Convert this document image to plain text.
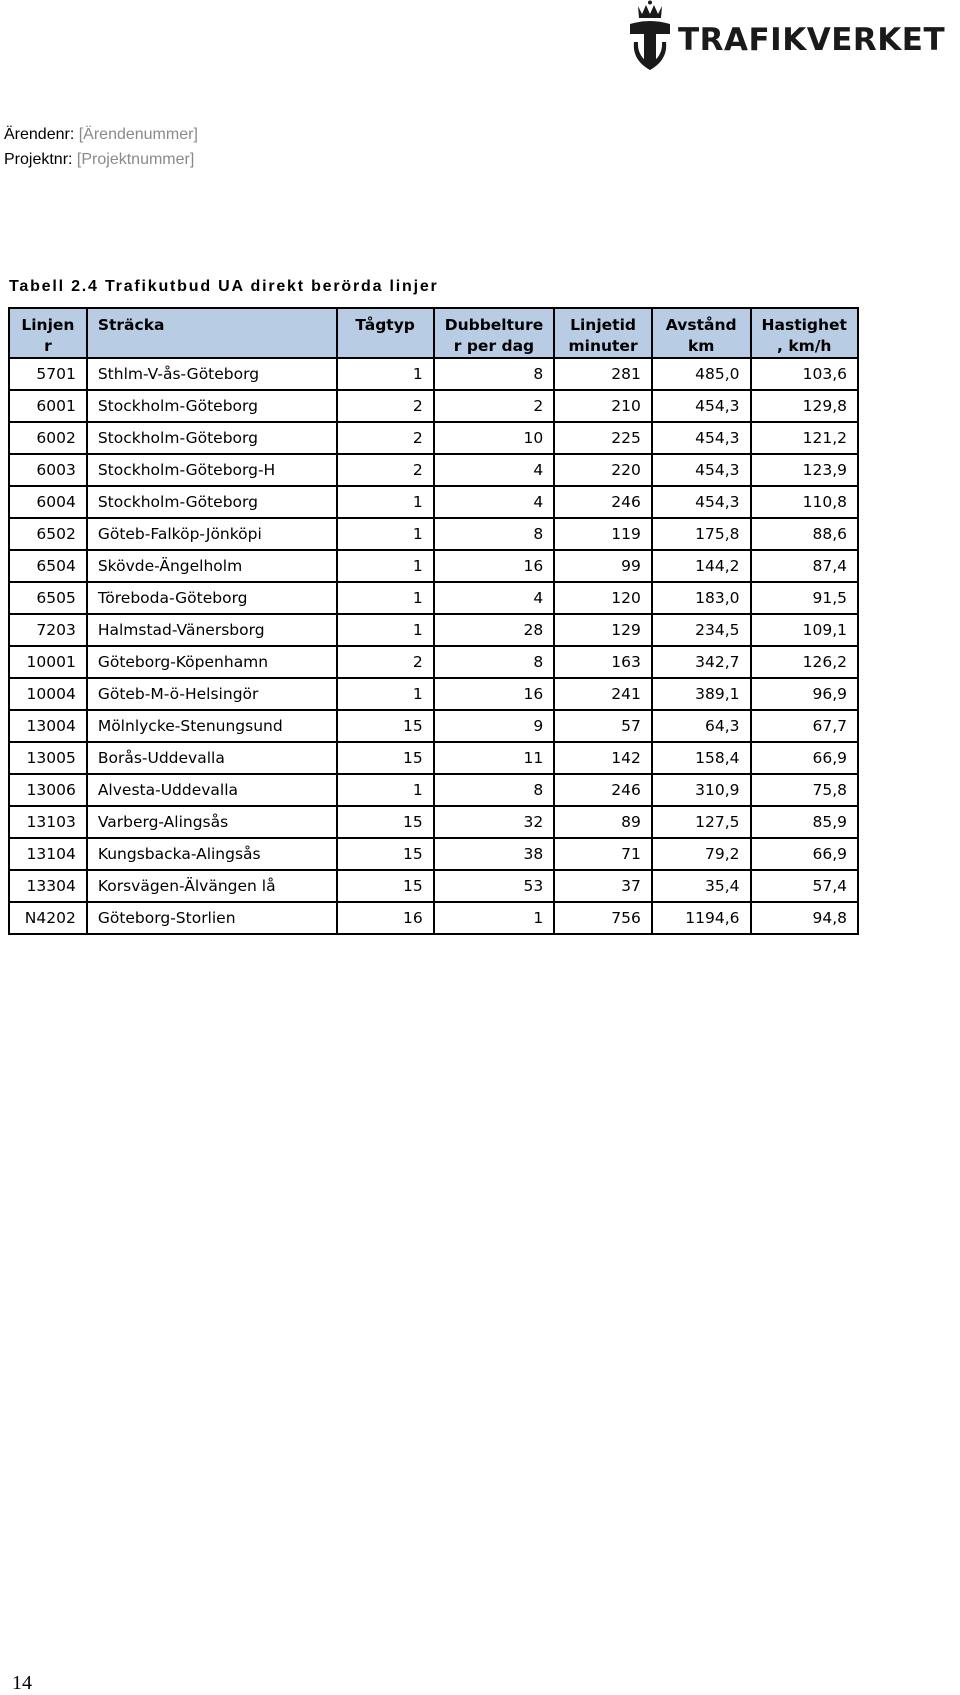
TRAFIKVERKET
Ärendenr: [Ärendenummer]
Projektnr: [Projektnummer]
Tabell 2.4 Trafikutbud UA direkt berörda linjer
Linjen r	Sträcka	Tågtyp	Dubbelture r per dag	Linjetid minuter	Avstånd km	Hastighet , km/h
5701	Sthlm-V-ås-Göteborg	1	8	281	485,0	103,6
6001	Stockholm-Göteborg	2	2	210	454,3	129,8
6002	Stockholm-Göteborg	2	10	225	454,3	121,2
6003	Stockholm-Göteborg-H	2	4	220	454,3	123,9
6004	Stockholm-Göteborg	1	4	246	454,3	110,8
6502	Göteb-Falköp-Jönköpi	1	8	119	175,8	88,6
6504	Skövde-Ängelholm	1	16	99	144,2	87,4
6505	Töreboda-Göteborg	1	4	120	183,0	91,5
7203	Halmstad-Vänersborg	1	28	129	234,5	109,1
10001	Göteborg-Köpenhamn	2	8	163	342,7	126,2
10004	Göteb-M-ö-Helsingör	1	16	241	389,1	96,9
13004	Mölnlycke-Stenungsund	15	9	57	64,3	67,7
13005	Borås-Uddevalla	15	11	142	158,4	66,9
13006	Alvesta-Uddevalla	1	8	246	310,9	75,8
13103	Varberg-Alingsås	15	32	89	127,5	85,9
13104	Kungsbacka-Alingsås	15	38	71	79,2	66,9
13304	Korsvägen-Älvängen lå	15	53	37	35,4	57,4
N4202	Göteborg-Storlien	16	1	756	1194,6	94,8
14
